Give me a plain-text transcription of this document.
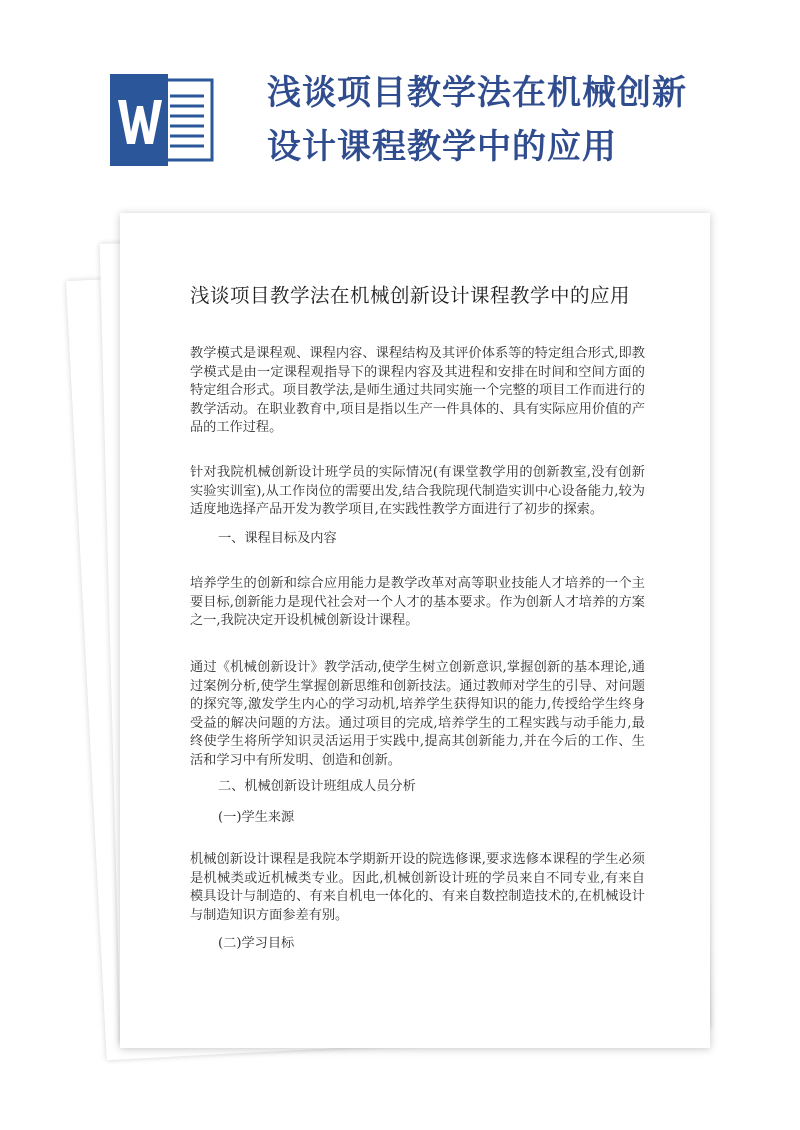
浅谈项目教学法在机械创新设计课程教学中的应用
浅谈项目教学法在机械创新设计课程教学中的应用
教学模式是课程观、课程内容、课程结构及其评价体系等的特定组合形式,即教学模式是由一定课程观指导下的课程内容及其进程和安排在时间和空间方面的特定组合形式。项目教学法,是师生通过共同实施一个完整的项目工作而进行的教学活动。在职业教育中,项目是指以生产一件具体的、具有实际应用价值的产品的工作过程。
针对我院机械创新设计班学员的实际情况(有课堂教学用的创新教室,没有创新实验实训室),从工作岗位的需要出发,结合我院现代制造实训中心设备能力,较为适度地选择产品开发为教学项目,在实践性教学方面进行了初步的探索。
一、课程目标及内容
培养学生的创新和综合应用能力是教学改革对高等职业技能人才培养的一个主要目标,创新能力是现代社会对一个人才的基本要求。作为创新人才培养的方案之一,我院决定开设机械创新设计课程。
通过《机械创新设计》教学活动,使学生树立创新意识,掌握创新的基本理论,通过案例分析,使学生掌握创新思维和创新技法。通过教师对学生的引导、对问题的探究等,激发学生内心的学习动机,培养学生获得知识的能力,传授给学生终身受益的解决问题的方法。通过项目的完成,培养学生的工程实践与动手能力,最终使学生将所学知识灵活运用于实践中,提高其创新能力,并在今后的工作、生活和学习中有所发明、创造和创新。
二、机械创新设计班组成人员分析
(一)学生来源
机械创新设计课程是我院本学期新开设的院选修课,要求选修本课程的学生必须是机械类或近机械类专业。因此,机械创新设计班的学员来自不同专业,有来自模具设计与制造的、有来自机电一体化的、有来自数控制造技术的,在机械设计与制造知识方面参差有别。
(二)学习目标
